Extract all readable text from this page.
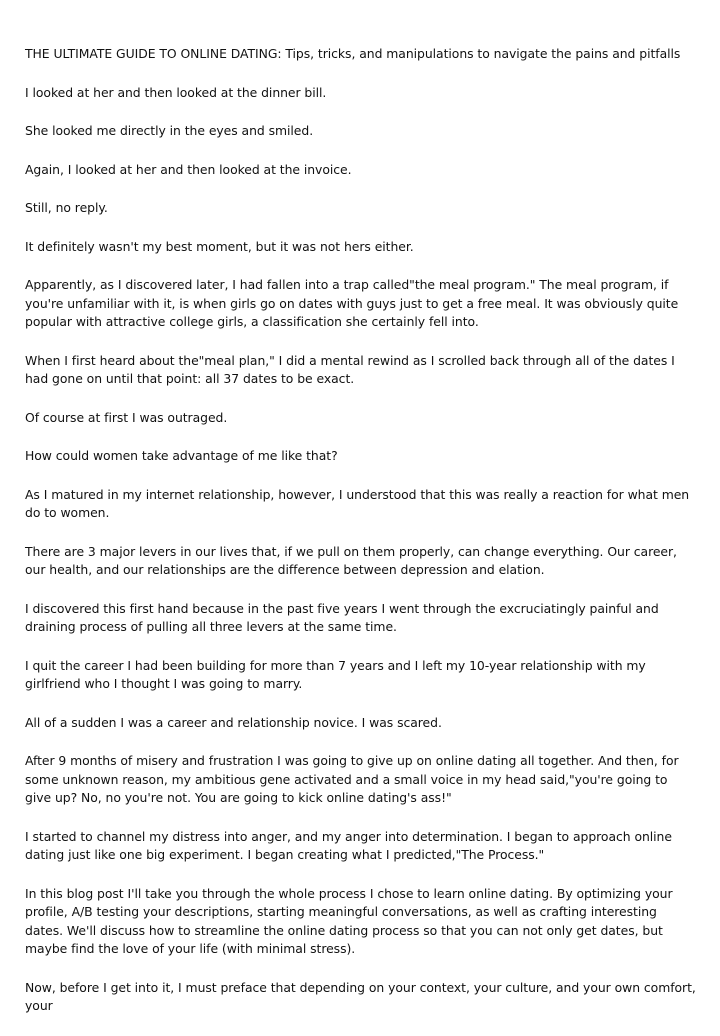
THE ULTIMATE GUIDE TO ONLINE DATING: Tips, tricks, and manipulations to navigate the pains and pitfalls

I looked at her and then looked at the dinner bill.

She looked me directly in the eyes and smiled.

Again, I looked at her and then looked at the invoice.

Still, no reply.

It definitely wasn't my best moment, but it was not hers either.

Apparently, as I discovered later, I had fallen into a trap called"the meal program." The meal program, if you're unfamiliar with it, is when girls go on dates with guys just to get a free meal. It was obviously quite popular with attractive college girls, a classification she certainly fell into.

When I first heard about the"meal plan," I did a mental rewind as I scrolled back through all of the dates I had gone on until that point: all 37 dates to be exact.

Of course at first I was outraged.

How could women take advantage of me like that?

As I matured in my internet relationship, however, I understood that this was really a reaction for what men do to women.

There are 3 major levers in our lives that, if we pull on them properly, can change everything. Our career, our health, and our relationships are the difference between depression and elation.

I discovered this first hand because in the past five years I went through the excruciatingly painful and draining process of pulling all three levers at the same time.

I quit the career I had been building for more than 7 years and I left my 10-year relationship with my girlfriend who I thought I was going to marry.

All of a sudden I was a career and relationship novice. I was scared.

After 9 months of misery and frustration I was going to give up on online dating all together. And then, for some unknown reason, my ambitious gene activated and a small voice in my head said,"you're going to give up? No, no you're not. You are going to kick online dating's ass!"

I started to channel my distress into anger, and my anger into determination. I began to approach online dating just like one big experiment. I began creating what I predicted,"The Process."

In this blog post I'll take you through the whole process I chose to learn online dating. By optimizing your profile, A/B testing your descriptions, starting meaningful conversations, as well as crafting interesting dates. We'll discuss how to streamline the online dating process so that you can not only get dates, but maybe find the love of your life (with minimal stress).

Now, before I get into it, I must preface that depending on your context, your culture, and your own comfort, your
